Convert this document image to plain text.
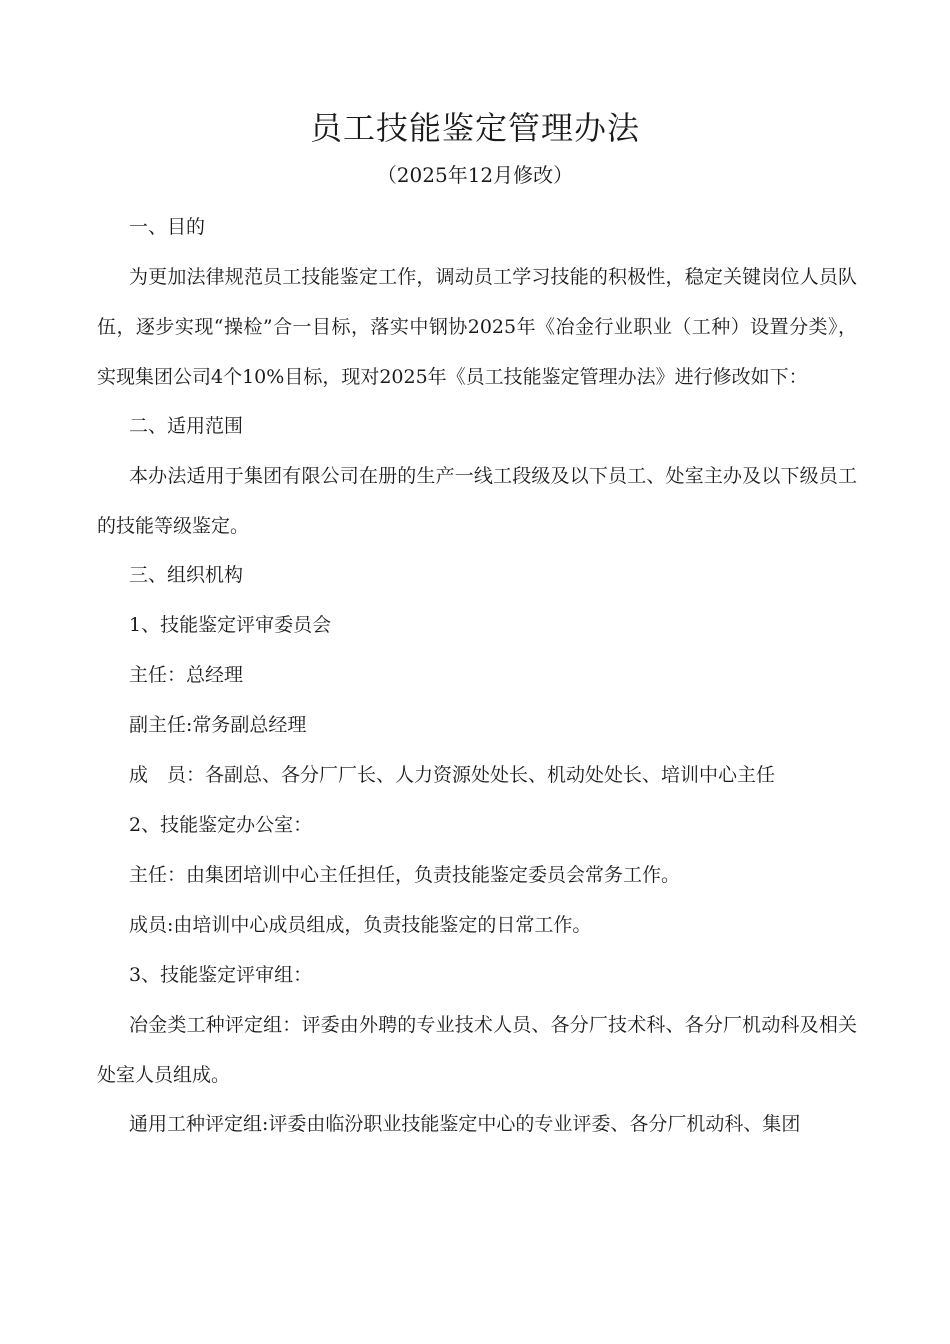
员工技能鉴定管理办法
（2025年12月修改）

一、目的

为更加法律规范员工技能鉴定工作，调动员工学习技能的积极性，稳定关键岗位人员队伍，逐步实现“操检”合一目标，落实中钢协2025年《冶金行业职业（工种）设置分类》，实现集团公司4个10%目标，现对2025年《员工技能鉴定管理办法》进行修改如下：

二、适用范围

本办法适用于集团有限公司在册的生产一线工段级及以下员工、处室主办及以下级员工的技能等级鉴定。

三、组织机构

1、技能鉴定评审委员会

主任：总经理

副主任:常务副总经理

成　员：各副总、各分厂厂长、人力资源处处长、机动处处长、培训中心主任

2、技能鉴定办公室：

主任：由集团培训中心主任担任，负责技能鉴定委员会常务工作。

成员:由培训中心成员组成，负责技能鉴定的日常工作。

3、技能鉴定评审组：

冶金类工种评定组：评委由外聘的专业技术人员、各分厂技术科、各分厂机动科及相关处室人员组成。

通用工种评定组:评委由临汾职业技能鉴定中心的专业评委、各分厂机动科、集团
